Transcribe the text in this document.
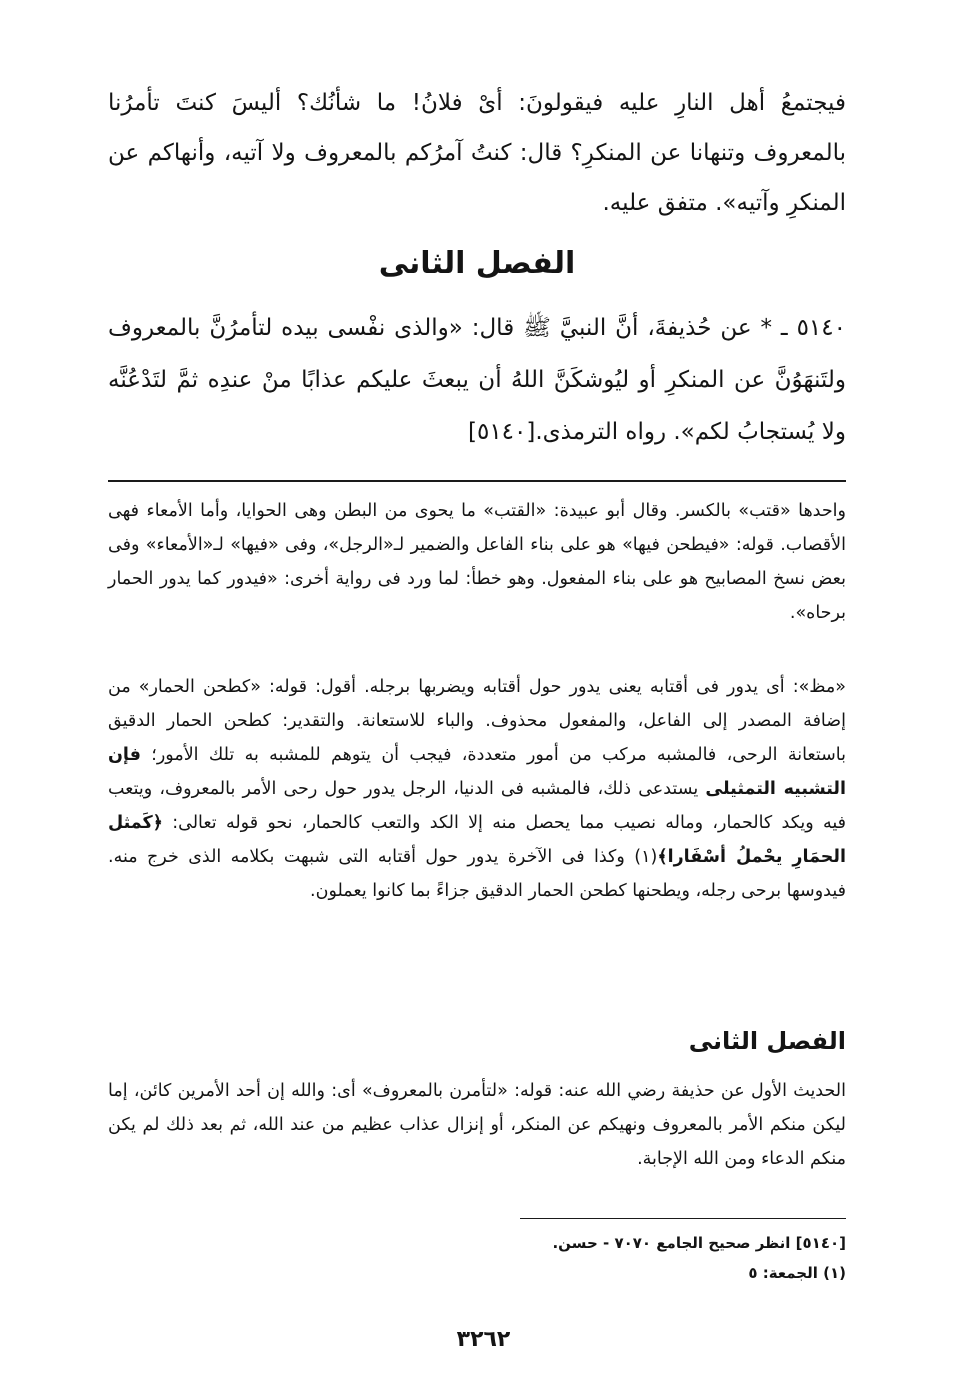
فيجتمعُ أهل النارِ عليه فيقولونَ: أىْ فلانُ! ما شأنُك؟ أليسَ كنتَ تأمرُنا بالمعروف وتنهانا عن المنكرِ؟ قال: كنتُ آمرُكم بالمعروف ولا آتيه، وأنهاكم عن المنكرِ وآتيه». متفق عليه.

الفصل الثانى

٥١٤٠ ـ * عن حُذيفةَ، أنَّ النبيَّ ﷺ قال: «والذى نفْسى بيده لتأمرُنَّ بالمعروف ولتَنهَوُنَّ عن المنكرِ أو ليُوشكَنَّ اللهُ أن يبعثَ عليكم عذابًا منْ عندِه ثمَّ لتَدْعُنَّه ولا يُستجابُ لكم». رواه الترمذى.[٥١٤٠]

واحدها «قتب» بالكسر. وقال أبو عبيدة: «القتب» ما يحوى من البطن وهى الحوايا، وأما الأمعاء فهى الأقصاب. قوله: «فيطحن فيها» هو على بناء الفاعل والضمير لـ«الرجل»، وفى «فيها» لـ«الأمعاء» وفى بعض نسخ المصابيح هو على بناء المفعول. وهو خطأ: لما ورد فى رواية أخرى: «فيدور كما يدور الحمار برحاه».

«مظ»: أى يدور فى أقتابه يعنى يدور حول أقتابه ويضربها برجله. أقول: قوله: «كطحن الحمار» من إضافة المصدر إلى الفاعل، والمفعول محذوف. والباء للاستعانة. والتقدير: كطحن الحمار الدقيق باستعانة الرحى، فالمشبه مركب من أمور متعددة، فيجب أن يتوهم للمشبه به تلك الأمور؛ فإن التشبيه التمثيلى يستدعى ذلك، فالمشبه فى الدنيا، الرجل يدور حول رحى الأمر بالمعروف، ويتعب فيه ويكد كالحمار، وماله نصيب مما يحصل منه إلا الكد والتعب كالحمار، نحو قوله تعالى: ﴿كَمثل الحمَارِ يحْملُ أسْفَارا﴾(١) وكذا فى الآخرة يدور حول أقتابه التى شبهت بكلامه الذى خرج منه. فيدوسها برحى رجله، ويطحنها كطحن الحمار الدقيق جزاءً بما كانوا يعملون.

الفصل الثانى

الحديث الأول عن حذيفة رضي الله عنه: قوله: «لتأمرن بالمعروف» أى: والله إن أحد الأمرين كائن، إما ليكن منكم الأمر بالمعروف ونهيكم عن المنكر، أو إنزال عذاب عظيم من عند الله، ثم بعد ذلك لم يكن منكم الدعاء ومن الله الإجابة.

[٥١٤٠] انظر صحيح الجامع ٧٠٧٠ - حسن.
(١) الجمعة: ٥
٣٢٦٢
